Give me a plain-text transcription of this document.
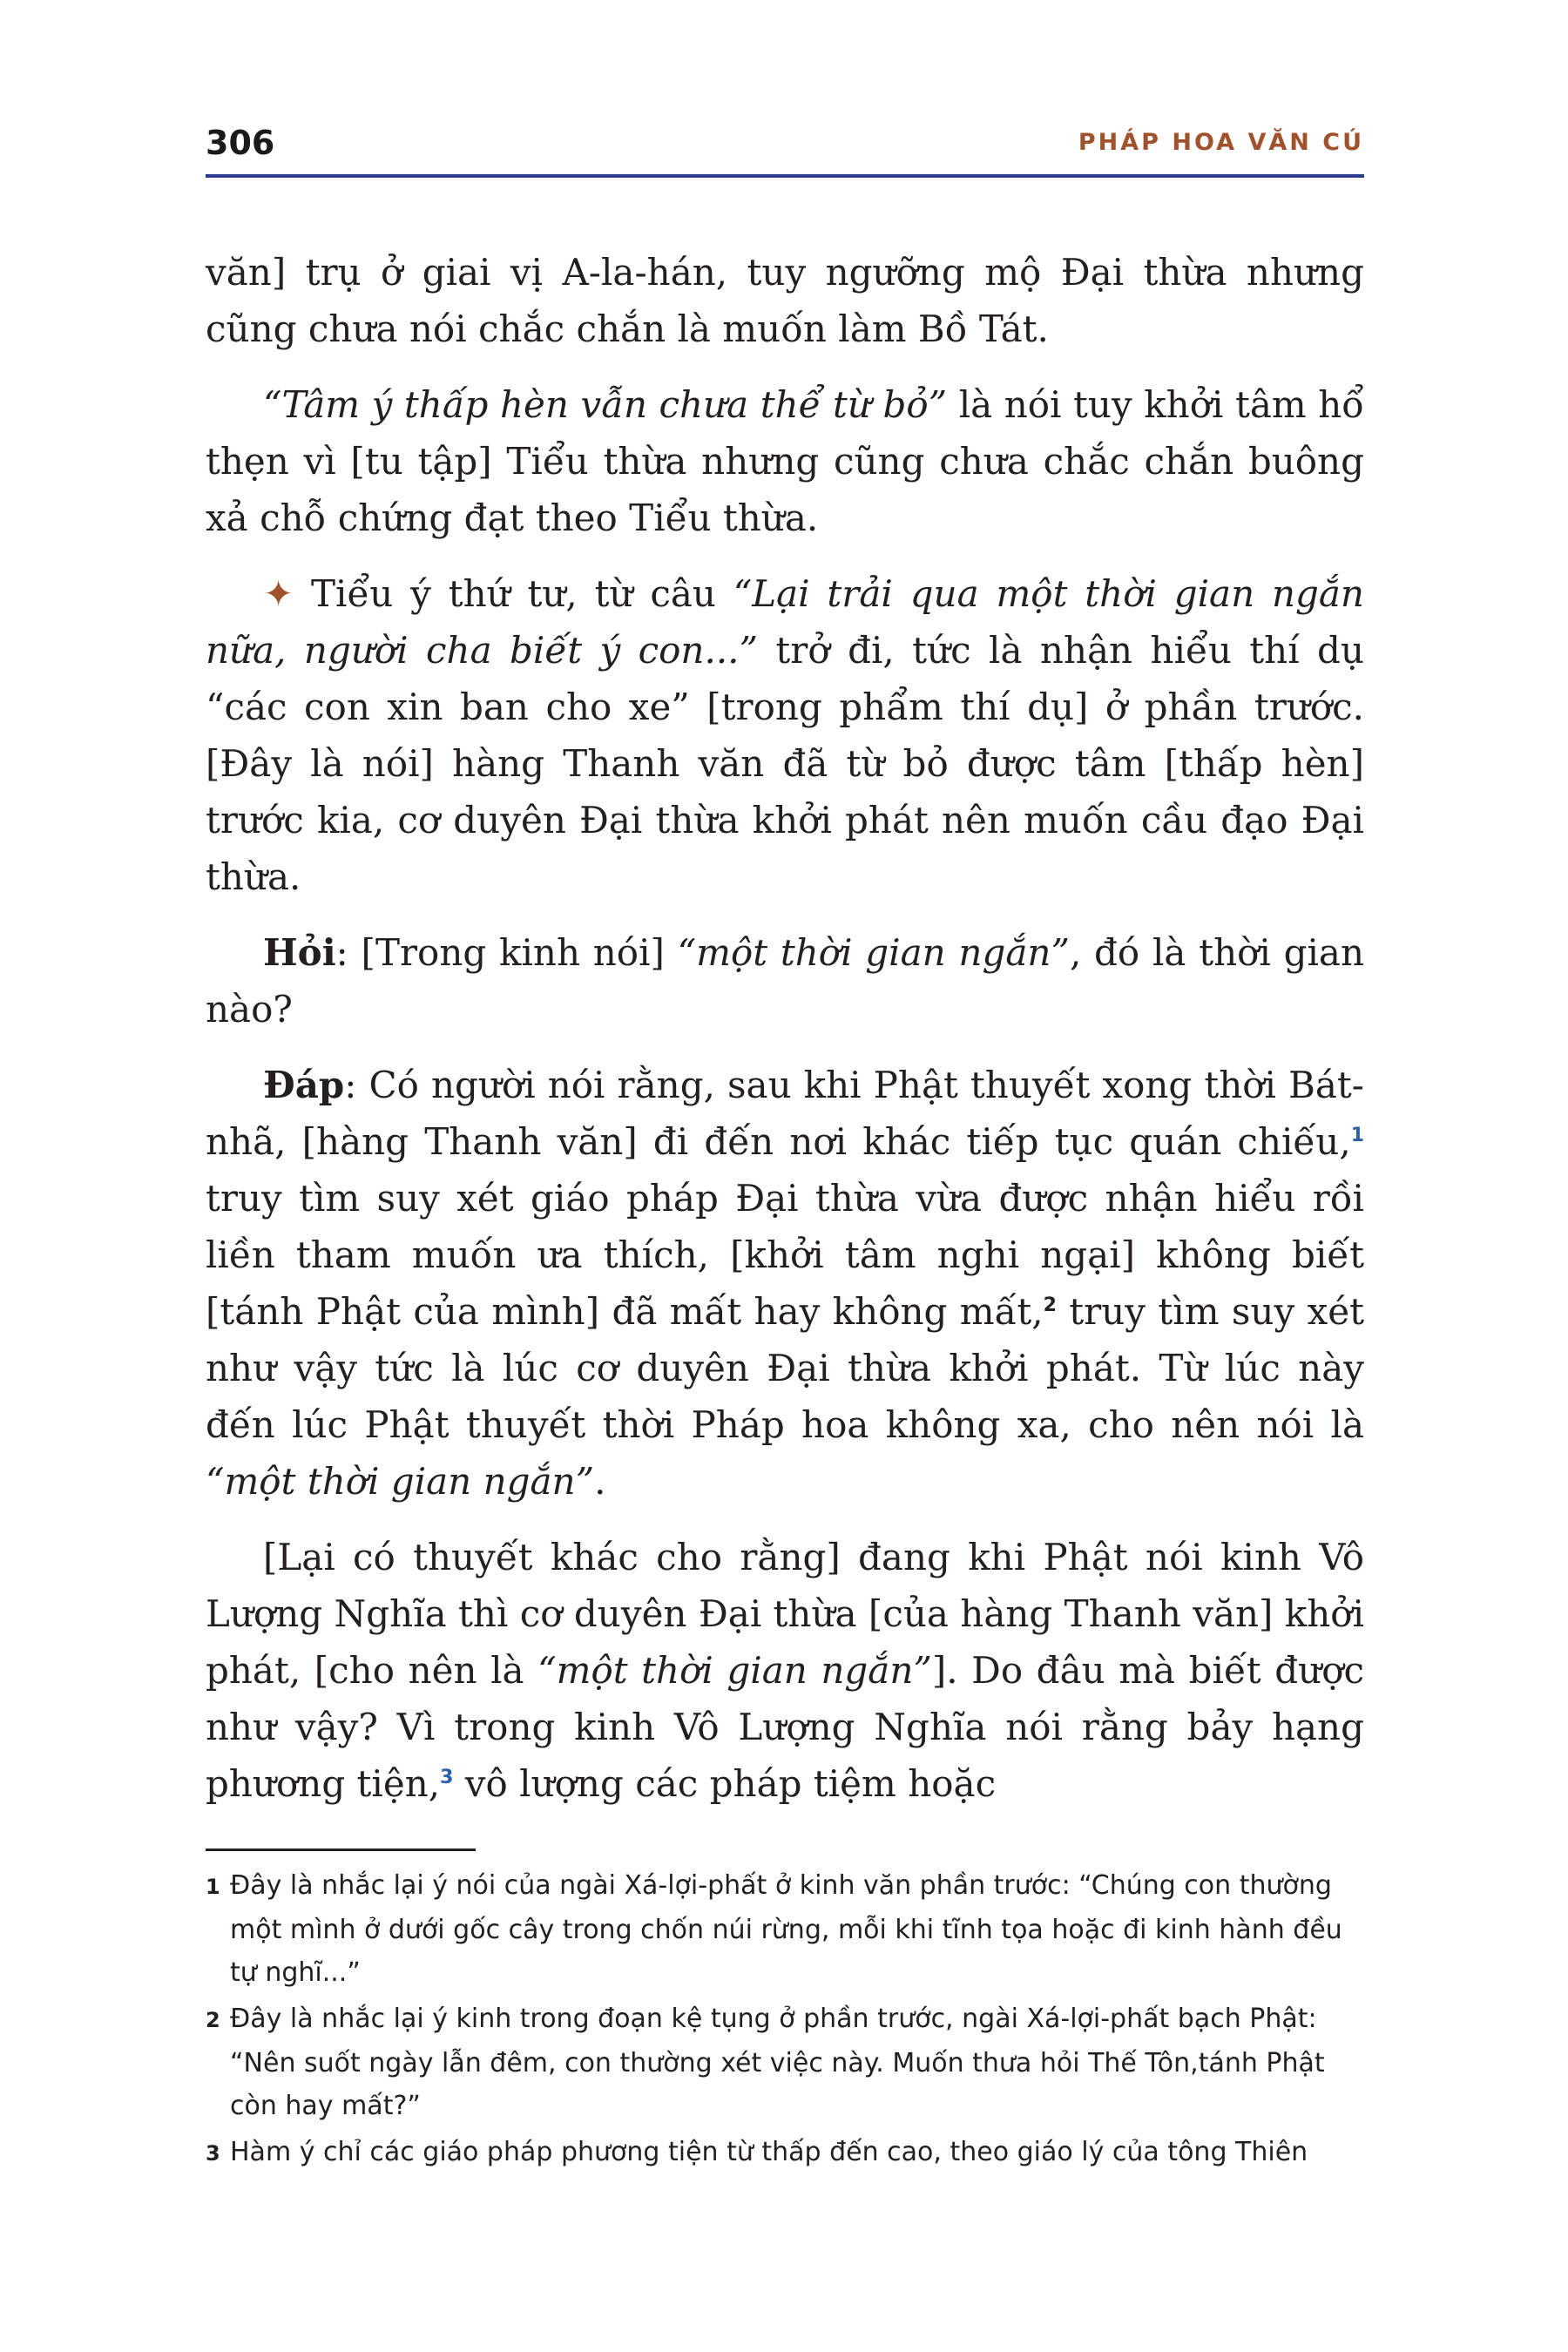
306	PHÁP HOA VĂN CÚ

văn] trụ ở giai vị A-la-hán, tuy ngưỡng mộ Đại thừa nhưng cũng chưa nói chắc chắn là muốn làm Bồ Tát.

“Tâm ý thấp hèn vẫn chưa thể từ bỏ” là nói tuy khởi tâm hổ thẹn vì [tu tập] Tiểu thừa nhưng cũng chưa chắc chắn buông xả chỗ chứng đạt theo Tiểu thừa.

✦ Tiểu ý thứ tư, từ câu “Lại trải qua một thời gian ngắn nữa, người cha biết ý con...” trở đi, tức là nhận hiểu thí dụ “các con xin ban cho xe” [trong phẩm thí dụ] ở phần trước. [Đây là nói] hàng Thanh văn đã từ bỏ được tâm [thấp hèn] trước kia, cơ duyên Đại thừa khởi phát nên muốn cầu đạo Đại thừa.

Hỏi: [Trong kinh nói] “một thời gian ngắn”, đó là thời gian nào?

Đáp: Có người nói rằng, sau khi Phật thuyết xong thời Bát-nhã, [hàng Thanh văn] đi đến nơi khác tiếp tục quán chiếu,$^1$ truy tìm suy xét giáo pháp Đại thừa vừa được nhận hiểu rồi liền tham muốn ưa thích, [khởi tâm nghi ngại] không biết [tánh Phật của mình] đã mất hay không mất,$^2$ truy tìm suy xét như vậy tức là lúc cơ duyên Đại thừa khởi phát. Từ lúc này đến lúc Phật thuyết thời Pháp hoa không xa, cho nên nói là “một thời gian ngắn”.

[Lại có thuyết khác cho rằng] đang khi Phật nói kinh Vô Lượng Nghĩa thì cơ duyên Đại thừa [của hàng Thanh văn] khởi phát, [cho nên là “một thời gian ngắn”]. Do đâu mà biết được như vậy? Vì trong kinh Vô Lượng Nghĩa nói rằng bảy hạng phương tiện,$^3$ vô lượng các pháp tiệm hoặc

1 Đây là nhắc lại ý nói của ngài Xá-lợi-phất ở kinh văn phần trước: “Chúng con thường một mình ở dưới gốc cây trong chốn núi rừng, mỗi khi tĩnh tọa hoặc đi kinh hành đều tự nghĩ...”

2 Đây là nhắc lại ý kinh trong đoạn kệ tụng ở phần trước, ngài Xá-lợi-phất bạch Phật: “Nên suốt ngày lẫn đêm, con thường xét việc này. Muốn thưa hỏi Thế Tôn,tánh Phật còn hay mất?”

3 Hàm ý chỉ các giáo pháp phương tiện từ thấp đến cao, theo giáo lý của tông Thiên
